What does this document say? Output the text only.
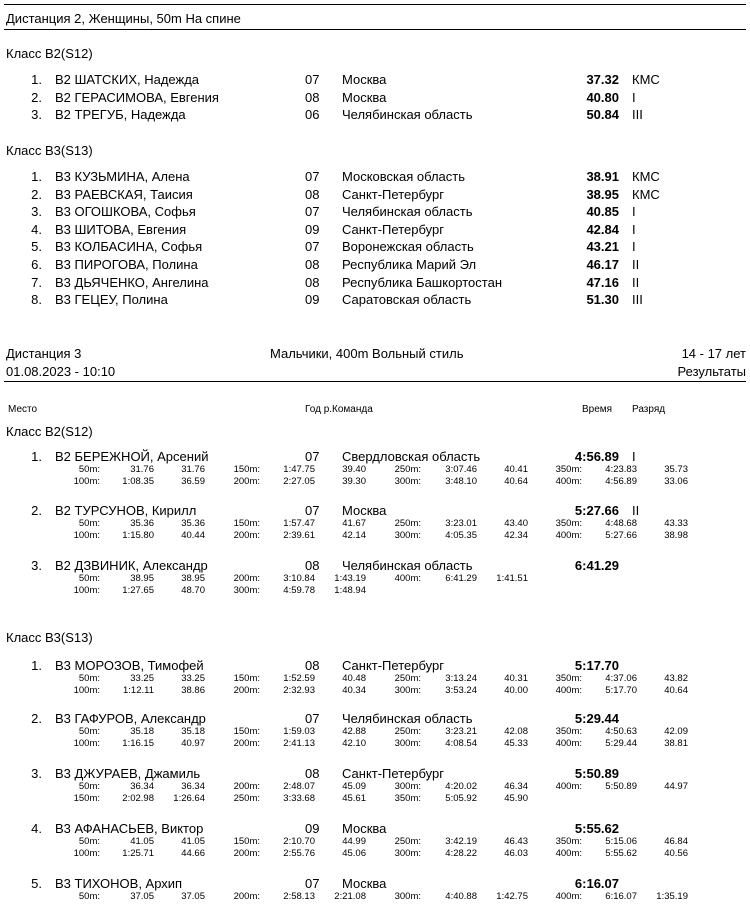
Дистанция 2, Женщины, 50m На спине
Класс B2(S12)
1. B2 ШАТСКИХ, Надежда	07 Москва	37.32 КМС
2. B2 ГЕРАСИМОВА, Евгения	08 Москва	40.80 I
3. B2 ТРЕГУБ, Надежда	06 Челябинская область	50.84 III
Класс B3(S13)
1. B3 КУЗЬМИНА, Алена	07 Московская область	38.91 КМС
2. B3 РАЕВСКАЯ, Таисия	08 Санкт-Петербург	38.95 КМС
3. B3 ОГОШКОВА, Софья	07 Челябинская область	40.85 I
4. B3 ШИТОВА, Евгения	09 Санкт-Петербург	42.84 I
5. B3 КОЛБАСИНА, Софья	07 Воронежская область	43.21 I
6. B3 ПИРОГОВА, Полина	08 Республика Марий Эл	46.17 II
7. B3 ДЬЯЧЕНКО, Ангелина	08 Республика Башкортостан	47.16 II
8. B3 ГЕЦЕУ, Полина	09 Саратовская область	51.30 III
Дистанция 3	Мальчики, 400m Вольный стиль	14 - 17 лет
01.08.2023 - 10:10	Результаты
Место	Год р.Команда	Время Разряд
Класс B2(S12)
1. B2 БЕРЕЖНОЙ, Арсений	07 Свердловская область	4:56.89 I
50m:	31.76	31.76	150m:	1:47.75	39.40	250m:	3:07.46	40.41	350m:	4:23.83	35.73
100m:	1:08.35	36.59	200m:	2:27.05	39.30	300m:	3:48.10	40.64	400m:	4:56.89	33.06
2. B2 ТУРСУНОВ, Кирилл	07 Москва	5:27.66 II
50m:	35.36	35.36	150m:	1:57.47	41.67	250m:	3:23.01	43.40	350m:	4:48.68	43.33
100m:	1:15.80	40.44	200m:	2:39.61	42.14	300m:	4:05.35	42.34	400m:	5:27.66	38.98
3. B2 ДЗВИНИК, Александр	08 Челябинская область	6:41.29
50m:	38.95	38.95	200m:	3:10.84	1:43.19	400m:	6:41.29	1:41.51
100m:	1:27.65	48.70	300m:	4:59.78	1:48.94
Класс B3(S13)
1. B3 МОРОЗОВ, Тимофей	08 Санкт-Петербург	5:17.70
50m:	33.25	33.25	150m:	1:52.59	40.48	250m:	3:13.24	40.31	350m:	4:37.06	43.82
100m:	1:12.11	38.86	200m:	2:32.93	40.34	300m:	3:53.24	40.00	400m:	5:17.70	40.64
2. B3 ГАФУРОВ, Александр	07 Челябинская область	5:29.44
50m:	35.18	35.18	150m:	1:59.03	42.88	250m:	3:23.21	42.08	350m:	4:50.63	42.09
100m:	1:16.15	40.97	200m:	2:41.13	42.10	300m:	4:08.54	45.33	400m:	5:29.44	38.81
3. B3 ДЖУРАЕВ, Джамиль	08 Санкт-Петербург	5:50.89
50m:	36.34	36.34	200m:	2:48.07	45.09	300m:	4:20.02	46.34	400m:	5:50.89	44.97
150m:	2:02.98	1:26.64	250m:	3:33.68	45.61	350m:	5:05.92	45.90
4. B3 АФАНАСЬЕВ, Виктор	09 Москва	5:55.62
50m:	41.05	41.05	150m:	2:10.70	44.99	250m:	3:42.19	46.43	350m:	5:15.06	46.84
100m:	1:25.71	44.66	200m:	2:55.76	45.06	300m:	4:28.22	46.03	400m:	5:55.62	40.56
5. B3 ТИХОНОВ, Архип	07 Москва	6:16.07
50m:	37.05	37.05	200m:	2:58.13	2:21.08	300m:	4:40.88	1:42.75	400m:	6:16.07	1:35.19
